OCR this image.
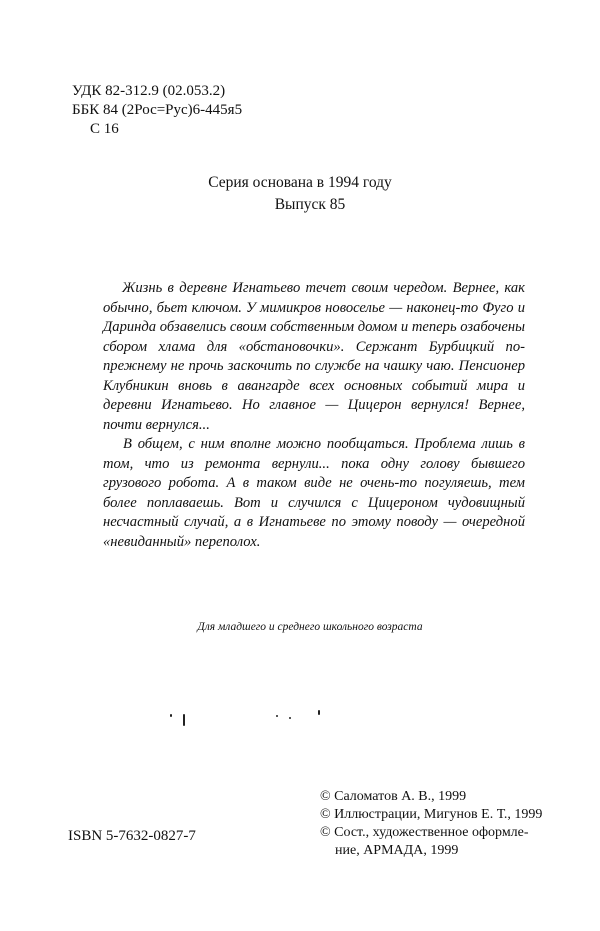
УДК 82-312.9 (02.053.2)
ББК 84 (2Рос=Рус)6-445я5
С 16
Серия основана в 1994 году
Выпуск 85

Жизнь в деревне Игнатьево течет своим чередом. Вернее, как обычно, бьет ключом. У мимикров новоселье — наконец-то Фуго и Даринда обзавелись своим собственным домом и теперь озабочены сбором хлама для «обстановочки». Сержант Бурбицкий по-прежнему не прочь заскочить по службе на чашку чаю. Пенсионер Клубникин вновь в авангарде всех основных событий мира и деревни Игнатьево. Но главное — Цицерон вернулся! Вернее, почти вернулся...

В общем, с ним вполне можно пообщаться. Проблема лишь в том, что из ремонта вернули... пока одну голову бывшего грузового робота. А в таком виде не очень-то погуляешь, тем более поплаваешь. Вот и случился с Цицероном чудовищный несчастный случай, а в Игнатьеве по этому поводу — очередной «невиданный» переполох.

Для младшего и среднего школьного возраста
© Саломатов А. В., 1999
© Иллюстрации, Мигунов Е. Т., 1999
© Сост., художественное оформле-
ние, АРМАДА, 1999
ISBN 5-7632-0827-7
